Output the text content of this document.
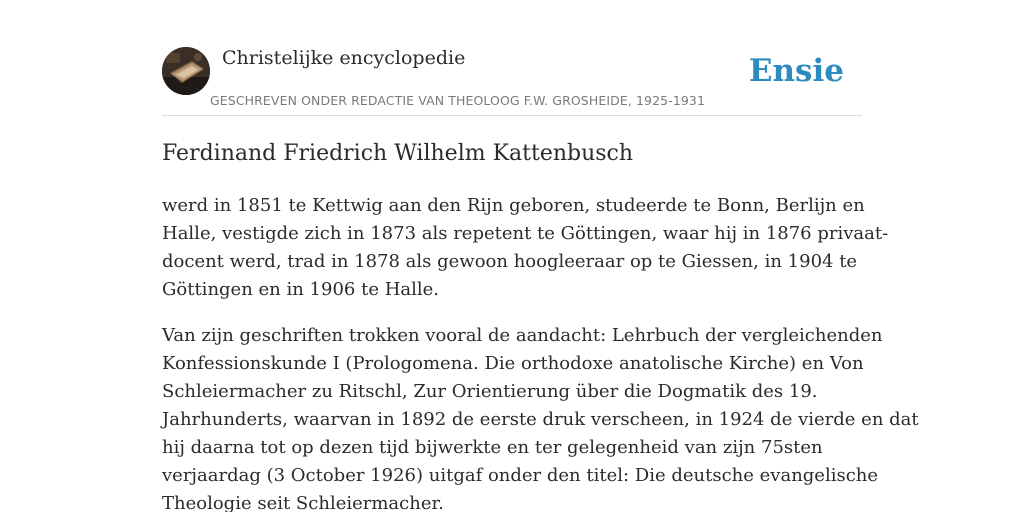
Christelijke encyclopedie
GESCHREVEN ONDER REDACTIE VAN THEOLOOG F.W. GROSHEIDE, 1925-1931
Ensie
Ferdinand Friedrich Wilhelm Kattenbusch

werd in 1851 te Kettwig aan den Rijn geboren, studeerde te Bonn, Berlijn en
Halle, vestigde zich in 1873 als repetent te Göttingen, waar hij in 1876 privaat-
docent werd, trad in 1878 als gewoon hoogleeraar op te Giessen, in 1904 te
Göttingen en in 1906 te Halle.

Van zijn geschriften trokken vooral de aandacht: Lehrbuch der vergleichenden
Konfessionskunde I (Prologomena. Die orthodoxe anatolische Kirche) en Von
Schleiermacher zu Ritschl, Zur Orientierung über die Dogmatik des 19.
Jahrhunderts, waarvan in 1892 de eerste druk verscheen, in 1924 de vierde en dat
hij daarna tot op dezen tijd bijwerkte en ter gelegenheid van zijn 75sten
verjaardag (3 October 1926) uitgaf onder den titel: Die deutsche evangelische
Theologie seit Schleiermacher.
